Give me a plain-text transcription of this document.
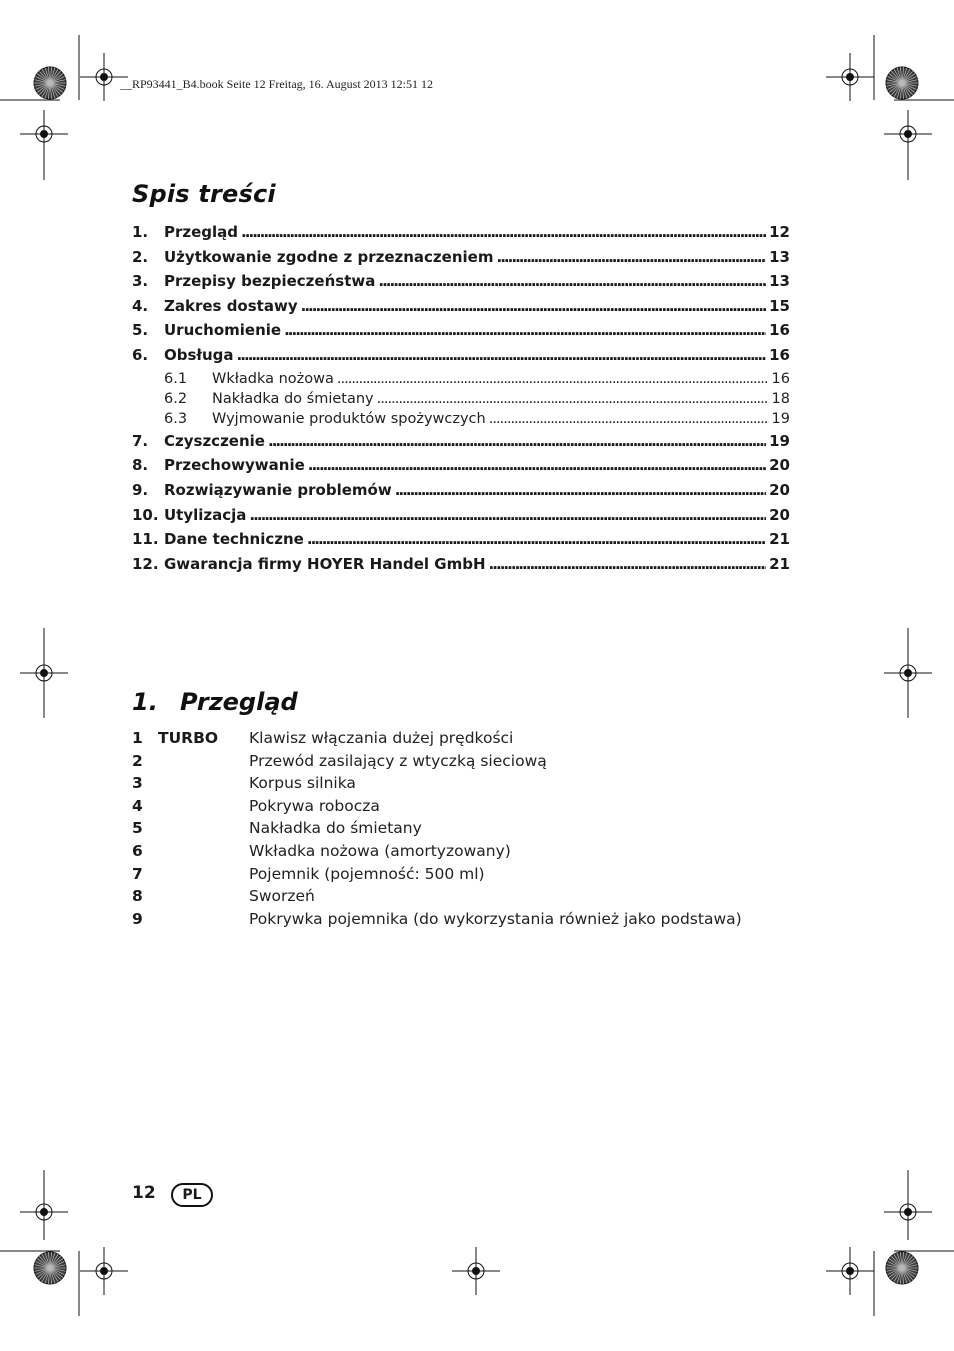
__RP93441_B4.book Seite 12 Freitag, 16. August 2013 12:51 12
Spis treści
1.	Przegląd . . .	12
2.	Użytkowanie zgodne z przeznaczeniem . . .	13
3.	Przepisy bezpieczeństwa . . .	13
4.	Zakres dostawy . . .	15
5.	Uruchomienie . . .	16
6.	Obsługa . . .	16
6.1	Wkładka nożowa . . .	16
6.2	Nakładka do śmietany . . .	18
6.3	Wyjmowanie produktów spożywczych . . .	19
7.	Czyszczenie . . .	19
8.	Przechowywanie . . .	20
9.	Rozwiązywanie problemów . . .	20
10. Utylizacja . . .	20
11. Dane techniczne . . .	21
12. Gwarancja firmy HOYER Handel GmbH . . .	21
1. Przegląd
1 TURBO	Klawisz włączania dużej prędkości
2	Przewód zasilający z wtyczką sieciową
3	Korpus silnika
4	Pokrywa robocza
5	Nakładka do śmietany
6	Wkładka nożowa (amortyzowany)
7	Pojemnik (pojemność: 500 ml)
8	Sworzeń
9	Pokrywka pojemnika (do wykorzystania również jako podstawa)
12	PL
